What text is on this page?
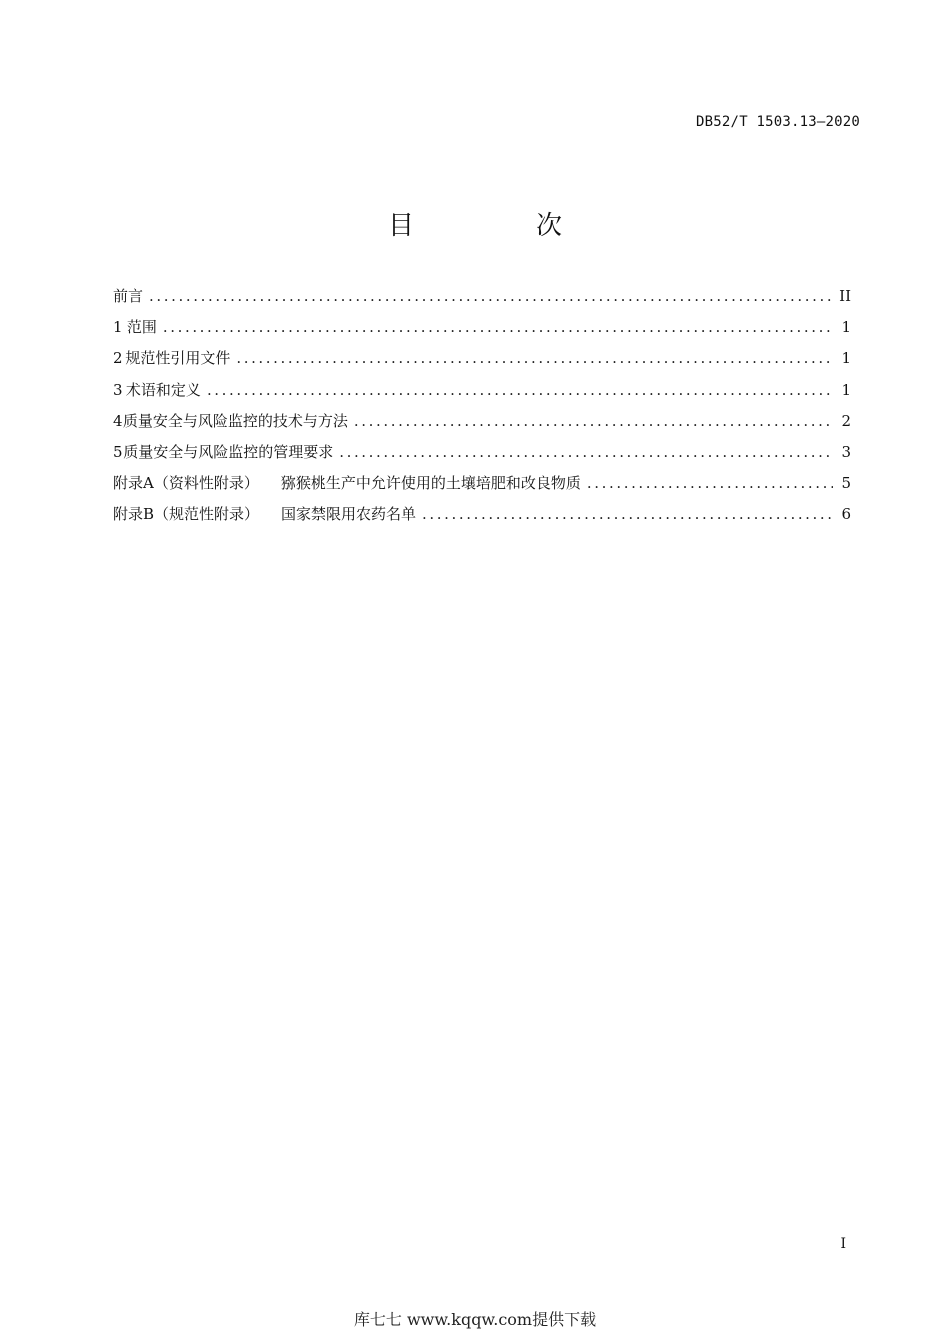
DB52/T 1503.13—2020
目　次
前言 .....	II
1 范围 .....	1
2 规范性引用文件 .....	1
3 术语和定义 .....	1
4 质量安全与风险监控的技术与方法 .....	2
5 质量安全与风险监控的管理要求 .....	3
附录A（资料性附录） 猕猴桃生产中允许使用的土壤培肥和改良物质 .....	5
附录B（规范性附录） 国家禁限用农药名单 .....	6
I
库七七 www.kqqw.com提供下载
